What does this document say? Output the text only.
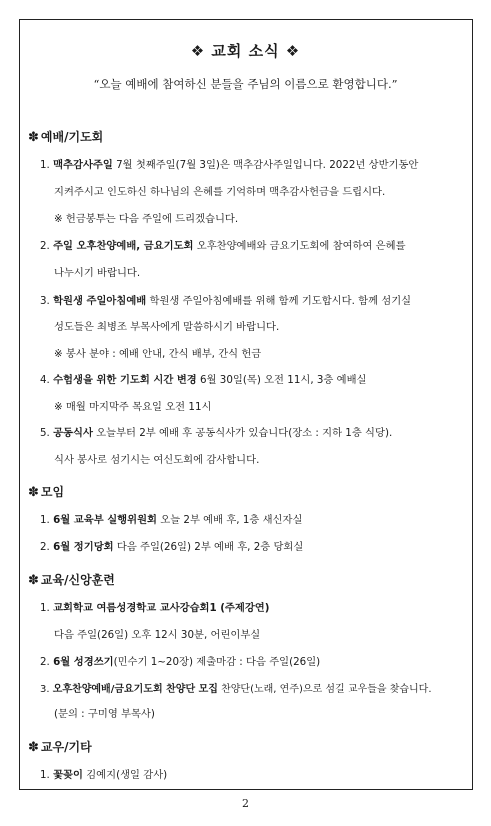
❖ 교회 소식 ❖
“오늘 예배에 참여하신 분들을 주님의 이름으로 환영합니다.”
✽ 예배/기도회
1. 맥추감사주일 7월 첫째주일(7월 3일)은 맥추감사주일입니다. 2022년 상반기동안
지켜주시고 인도하신 하나님의 은혜를 기억하며 맥추감사헌금을 드립시다.
※ 헌금봉투는 다음 주일에 드리겠습니다.
2. 주일 오후찬양예배, 금요기도회 오후찬양예배와 금요기도회에 참여하여 은혜를
나누시기 바랍니다.
3. 학원생 주일아침예배 학원생 주일아침예배를 위해 함께 기도합시다. 함께 섬기실
성도들은 최병조 부목사에게 말씀하시기 바랍니다.
※ 봉사 분야 : 예배 안내, 간식 배부, 간식 헌금
4. 수험생을 위한 기도회 시간 변경 6월 30일(목) 오전 11시, 3층 예배실
※ 매월 마지막주 목요일 오전 11시
5. 공동식사 오늘부터 2부 예배 후 공동식사가 있습니다(장소 : 지하 1층 식당).
식사 봉사로 섬기시는 여신도회에 감사합니다.
✽ 모임
1. 6월 교육부 실행위원회 오늘 2부 예배 후, 1층 새신자실
2. 6월 정기당회 다음 주일(26일) 2부 예배 후, 2층 당회실
✽ 교육/신앙훈련
1. 교회학교 여름성경학교 교사강습회1 (주제강연)
다음 주일(26일) 오후 12시 30분, 어린이부실
2. 6월 성경쓰기(민수기 1~20장) 제출마감 : 다음 주일(26일)
3. 오후찬양예배/금요기도회 찬양단 모집 찬양단(노래, 연주)으로 섬길 교우들을 찾습니다.
(문의 : 구미영 부목사)
✽ 교우/기타
1. 꽃꽂이 김예지(생일 감사)
2
